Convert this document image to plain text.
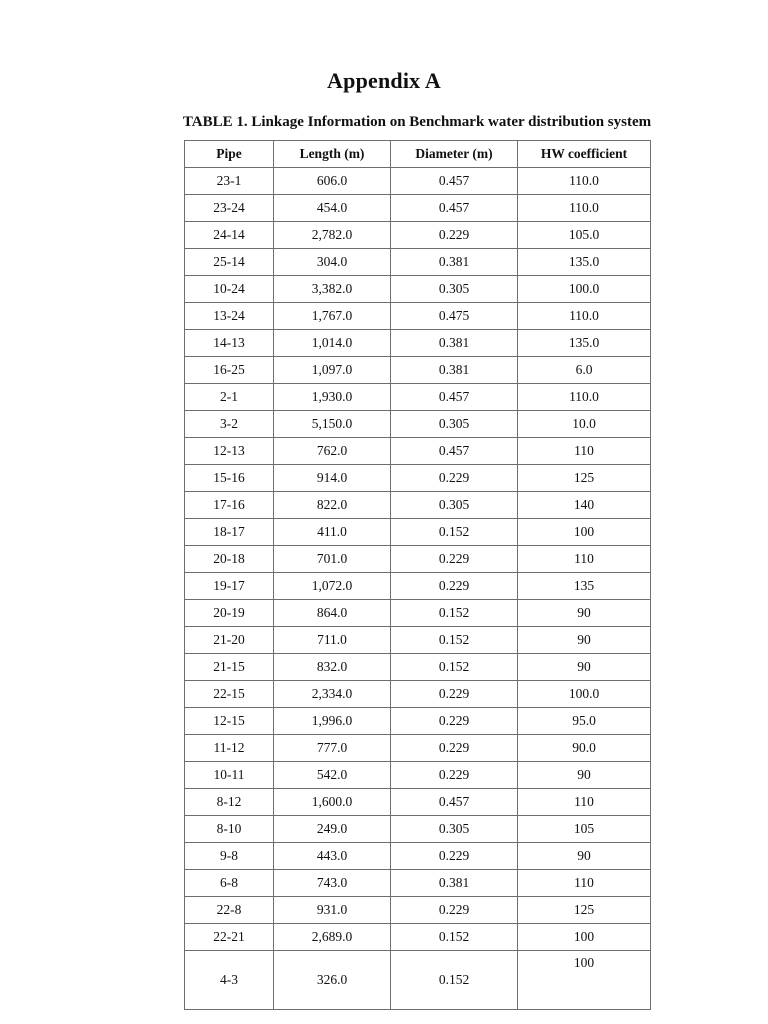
Appendix A
TABLE 1. Linkage Information on Benchmark water distribution system
Pipe	Length (m)	Diameter (m)	HW coefficient
23-1	606.0	0.457	110.0
23-24	454.0	0.457	110.0
24-14	2,782.0	0.229	105.0
25-14	304.0	0.381	135.0
10-24	3,382.0	0.305	100.0
13-24	1,767.0	0.475	110.0
14-13	1,014.0	0.381	135.0
16-25	1,097.0	0.381	6.0
2-1	1,930.0	0.457	110.0
3-2	5,150.0	0.305	10.0
12-13	762.0	0.457	110
15-16	914.0	0.229	125
17-16	822.0	0.305	140
18-17	411.0	0.152	100
20-18	701.0	0.229	110
19-17	1,072.0	0.229	135
20-19	864.0	0.152	90
21-20	711.0	0.152	90
21-15	832.0	0.152	90
22-15	2,334.0	0.229	100.0
12-15	1,996.0	0.229	95.0
11-12	777.0	0.229	90.0
10-11	542.0	0.229	90
8-12	1,600.0	0.457	110
8-10	249.0	0.305	105
9-8	443.0	0.229	90
6-8	743.0	0.381	110
22-8	931.0	0.229	125
22-21	2,689.0	0.152	100
4-3	326.0	0.152	100
